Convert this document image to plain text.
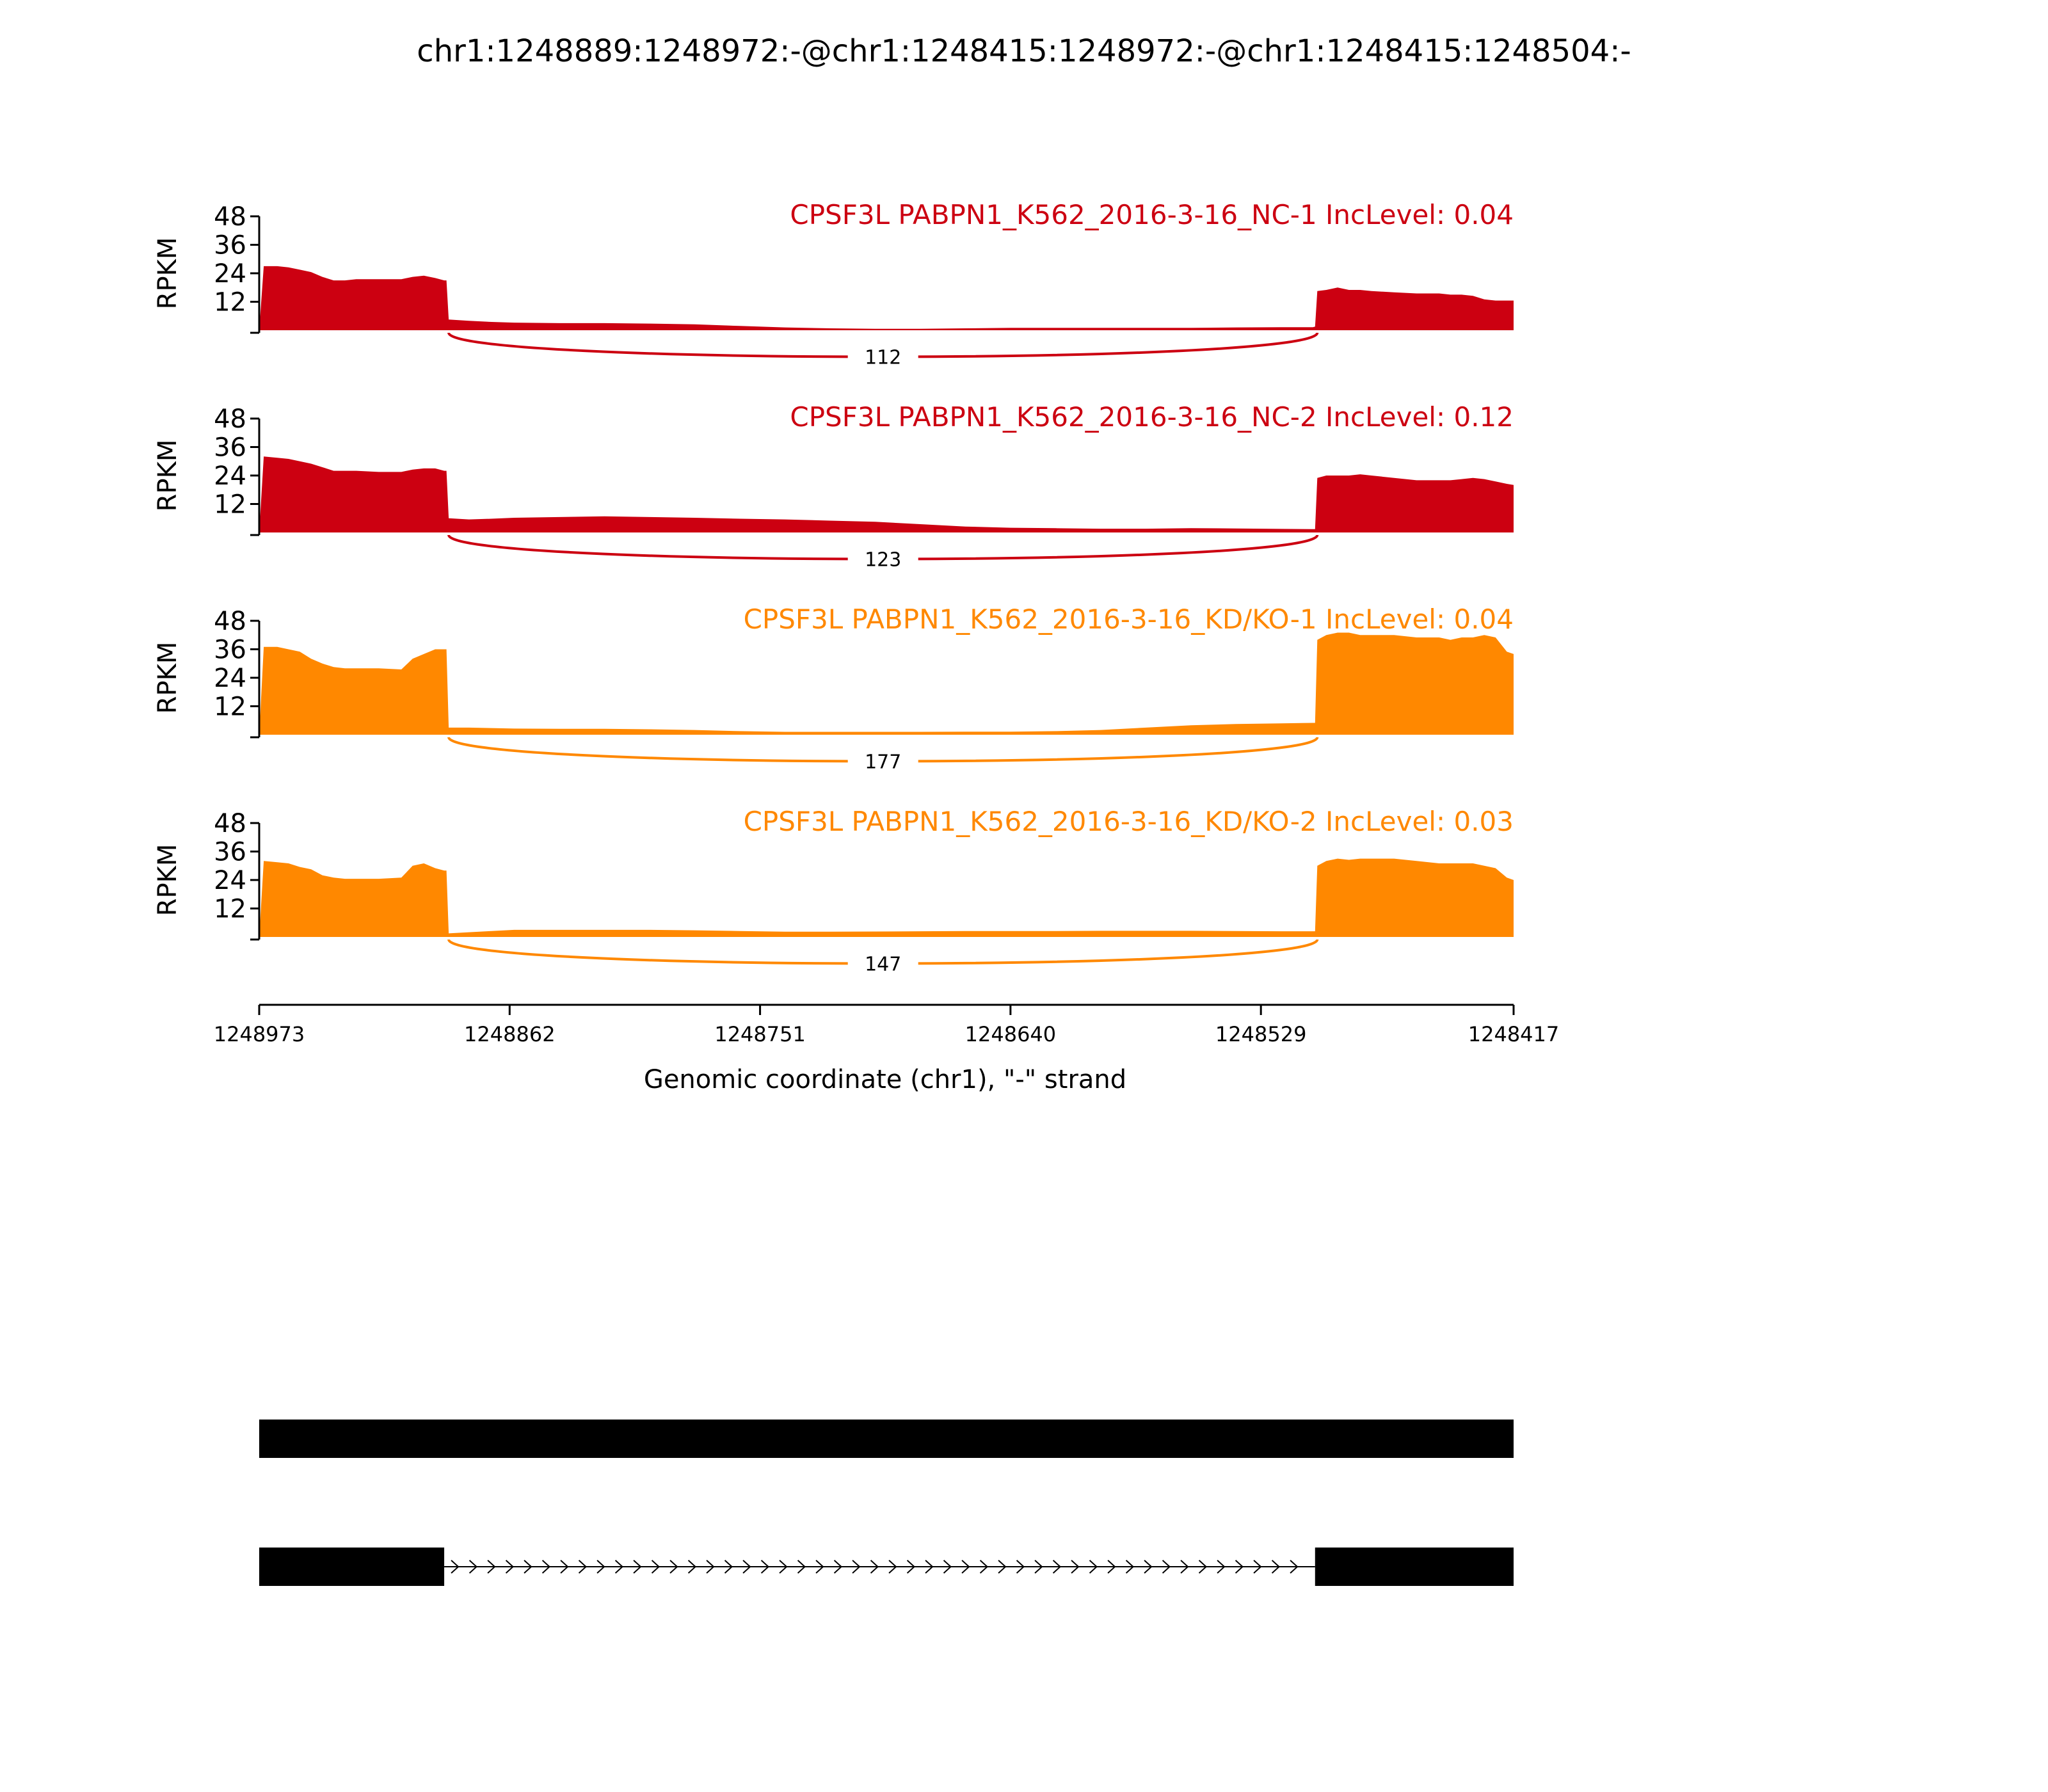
chr1:1248889:1248972:-@chr1:1248415:1248972:-@chr1:1248415:1248504:-
12
24
36
48
RPKM
CPSF3L PABPN1_K562_2016-3-16_NC-1 IncLevel: 0.04
112
12
24
36
48
RPKM
CPSF3L PABPN1_K562_2016-3-16_NC-2 IncLevel: 0.12
123
12
24
36
48
RPKM
CPSF3L PABPN1_K562_2016-3-16_KD/KO-1 IncLevel: 0.04
177
12
24
36
48
RPKM
CPSF3L PABPN1_K562_2016-3-16_KD/KO-2 IncLevel: 0.03
147
1248973	1248862	1248751	1248640	1248529	1248417
Genomic coordinate (chr1), "-" strand
